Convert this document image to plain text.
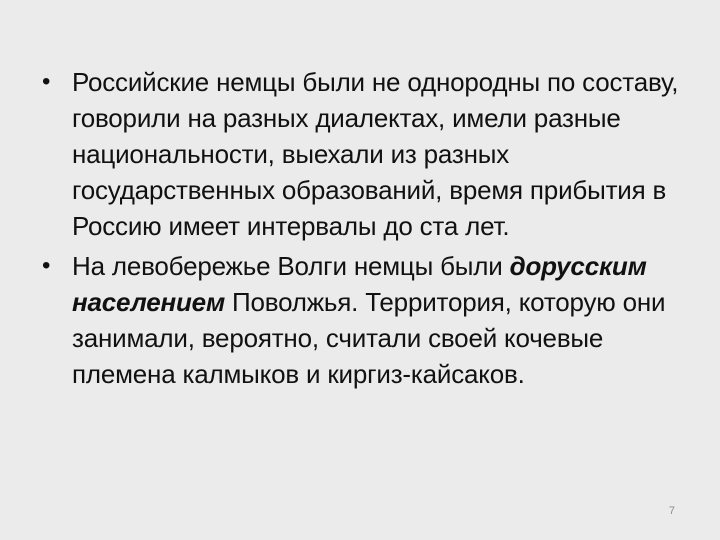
• Российские немцы были не однородны по составу, говорили на разных диалектах, имели разные национальности, выехали из разных государственных образований, время прибытия в Россию имеет интервалы до ста лет.
• На левобережье Волги немцы были дорусским населением Поволжья. Территория, которую они занимали, вероятно, считали своей кочевые племена калмыков и киргиз-кайсаков.
7
